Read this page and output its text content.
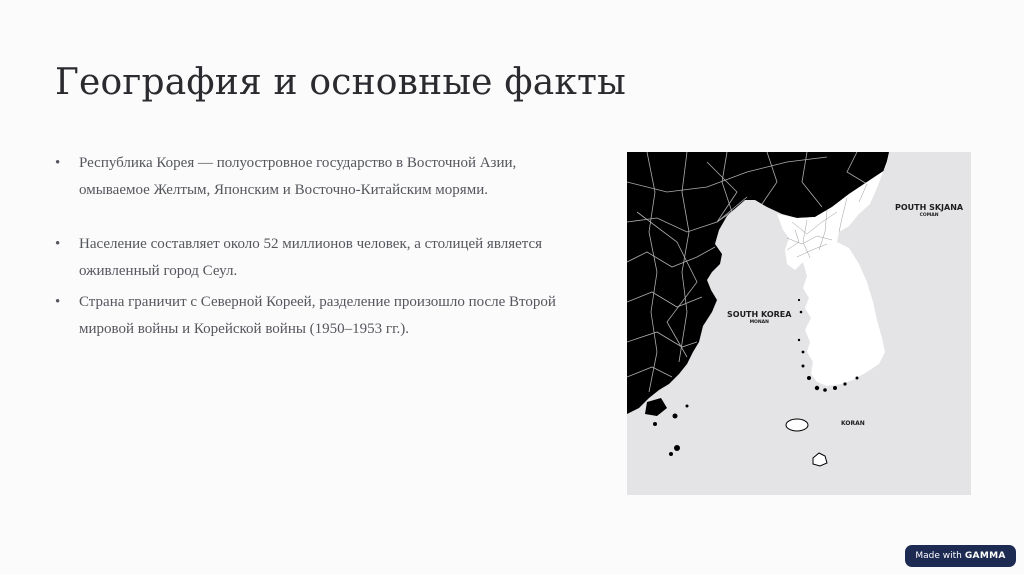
География и основные факты
• Республика Корея — полуостровное государство в Восточной Азии, омываемое Желтым, Японским и Восточно-Китайским морями.
• Население составляет около 52 миллионов человек, а столицей является оживленный город Сеул.
• Страна граничит с Северной Кореей, разделение произошло после Второй мировой войны и Корейской войны (1950–1953 гг.).
POUTH SKJANA
COMAN
SOUTH KOREA
MONAN
KORAN
Made with GAMMA
